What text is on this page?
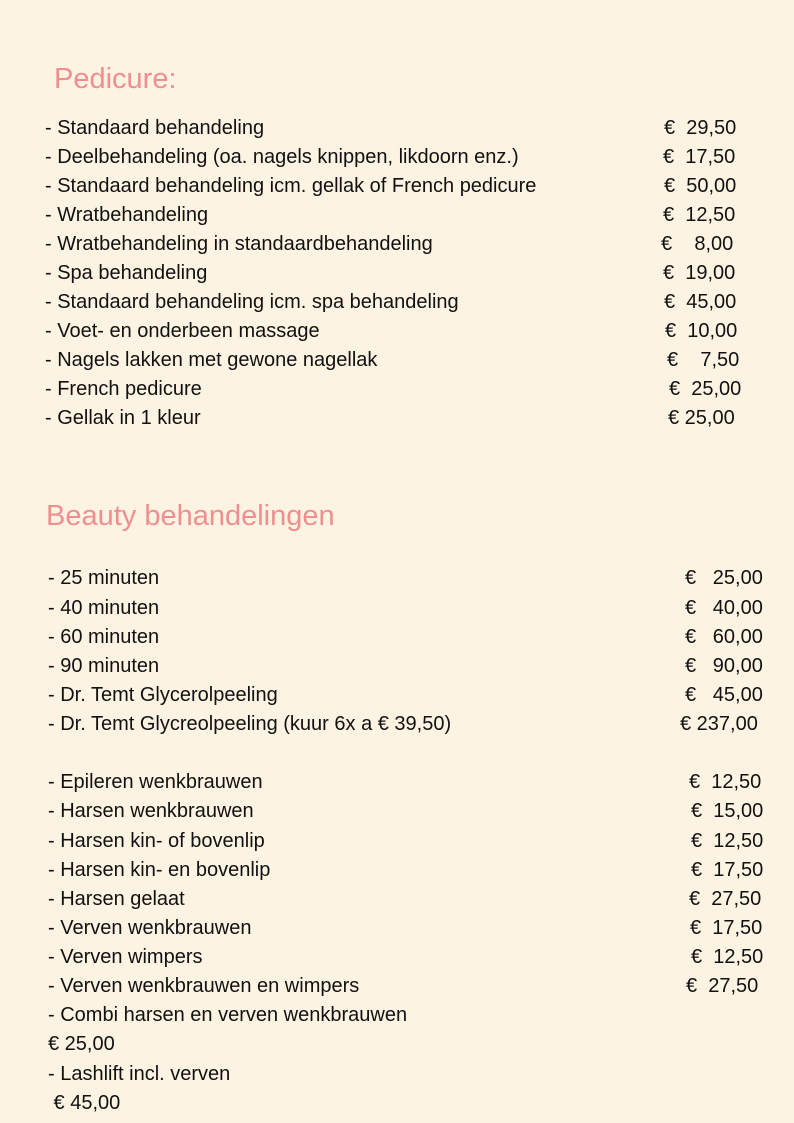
Pedicure:
- Standaard behandeling	€  29,50
- Deelbehandeling (oa. nagels knippen, likdoorn enz.)	€  17,50
- Standaard behandeling icm. gellak of French pedicure	€  50,00
- Wratbehandeling	€  12,50
- Wratbehandeling in standaardbehandeling	€    8,00
- Spa behandeling	€  19,00
- Standaard behandeling icm. spa behandeling	€  45,00
- Voet- en onderbeen massage	€  10,00
- Nagels lakken met gewone nagellak	€    7,50
- French pedicure	€  25,00
- Gellak in 1 kleur	€ 25,00
Beauty behandelingen
- 25 minuten	€   25,00
- 40 minuten	€   40,00
- 60 minuten	€   60,00
- 90 minuten	€   90,00
- Dr. Temt Glycerolpeeling	€   45,00
- Dr. Temt Glycreolpeeling (kuur 6x a € 39,50)	€ 237,00
- Epileren wenkbrauwen	€  12,50
- Harsen wenkbrauwen	€  15,00
- Harsen kin- of bovenlip	€  12,50
- Harsen kin- en bovenlip	€  17,50
- Harsen gelaat	€  27,50
- Verven wenkbrauwen	€  17,50
- Verven wimpers	€  12,50
- Verven wenkbrauwen en wimpers	€  27,50
- Combi harsen en verven wenkbrauwen
€ 25,00
- Lashlift incl. verven
€ 45,00
